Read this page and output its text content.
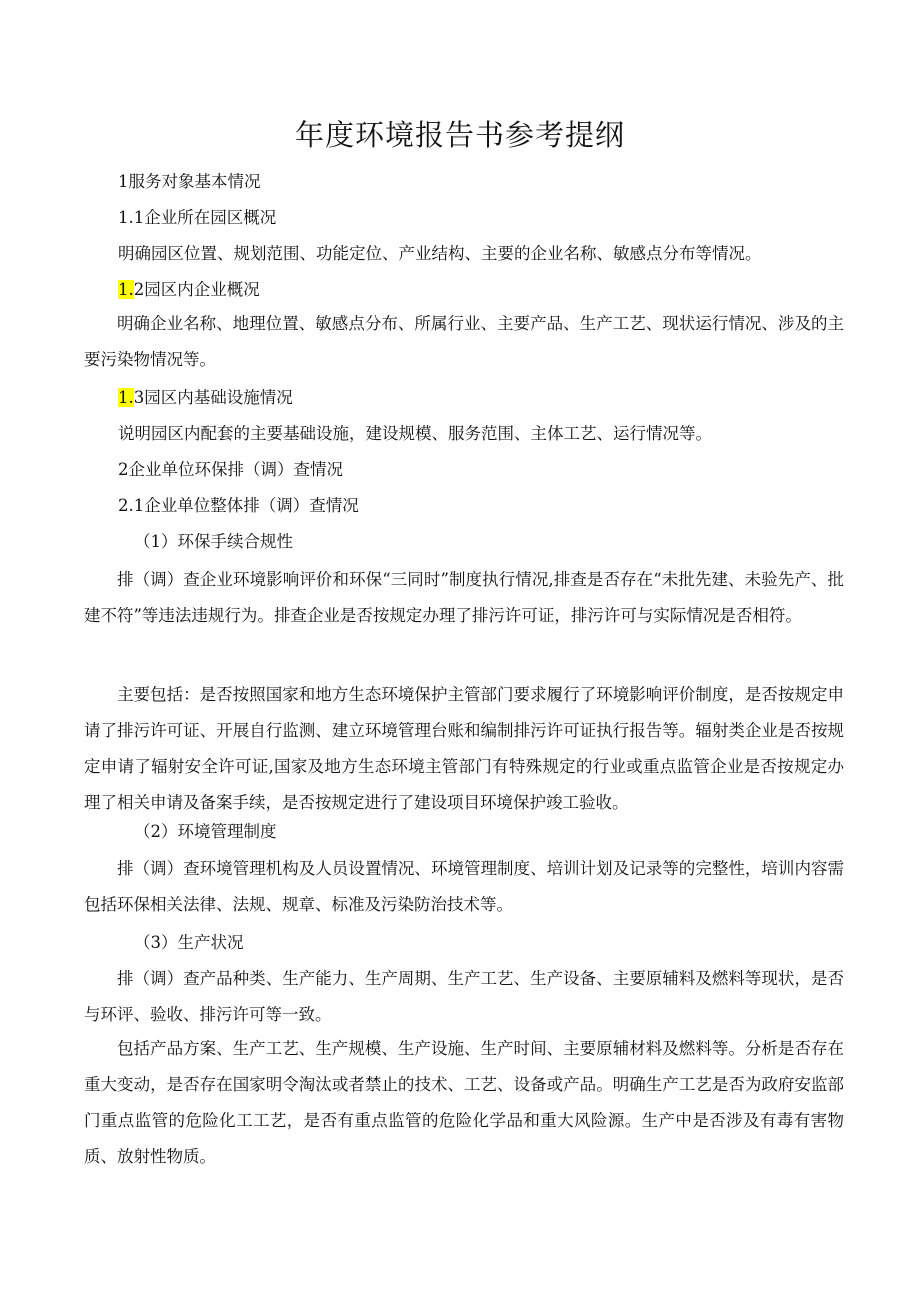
年度环境报告书参考提纲
1服务对象基本情况
1.1企业所在园区概况
明确园区位置、规划范围、功能定位、产业结构、主要的企业名称、敏感点分布等情况。
1.2园区内企业概况
明确企业名称、地理位置、敏感点分布、所属行业、主要产品、生产工艺、现状运行情况、涉及的主要污染物情况等。
1.3园区内基础设施情况
说明园区内配套的主要基础设施，建设规模、服务范围、主体工艺、运行情况等。
2企业单位环保排（调）查情况
2.1企业单位整体排（调）查情况
（1）环保手续合规性
排（调）查企业环境影响评价和环保“三同时”制度执行情况,排查是否存在“未批先建、未验先产、批建不符”等违法违规行为。排查企业是否按规定办理了排污许可证，排污许可与实际情况是否相符。
主要包括：是否按照国家和地方生态环境保护主管部门要求履行了环境影响评价制度，是否按规定申请了排污许可证、开展自行监测、建立环境管理台账和编制排污许可证执行报告等。辐射类企业是否按规定申请了辐射安全许可证,国家及地方生态环境主管部门有特殊规定的行业或重点监管企业是否按规定办理了相关申请及备案手续，是否按规定进行了建设项目环境保护竣工验收。
（2）环境管理制度
排（调）查环境管理机构及人员设置情况、环境管理制度、培训计划及记录等的完整性，培训内容需包括环保相关法律、法规、规章、标准及污染防治技术等。
（3）生产状况
排（调）查产品种类、生产能力、生产周期、生产工艺、生产设备、主要原辅料及燃料等现状，是否与环评、验收、排污许可等一致。
包括产品方案、生产工艺、生产规模、生产设施、生产时间、主要原辅材料及燃料等。分析是否存在重大变动，是否存在国家明令淘汰或者禁止的技术、工艺、设备或产品。明确生产工艺是否为政府安监部门重点监管的危险化工工艺，是否有重点监管的危险化学品和重大风险源。生产中是否涉及有毒有害物质、放射性物质。
